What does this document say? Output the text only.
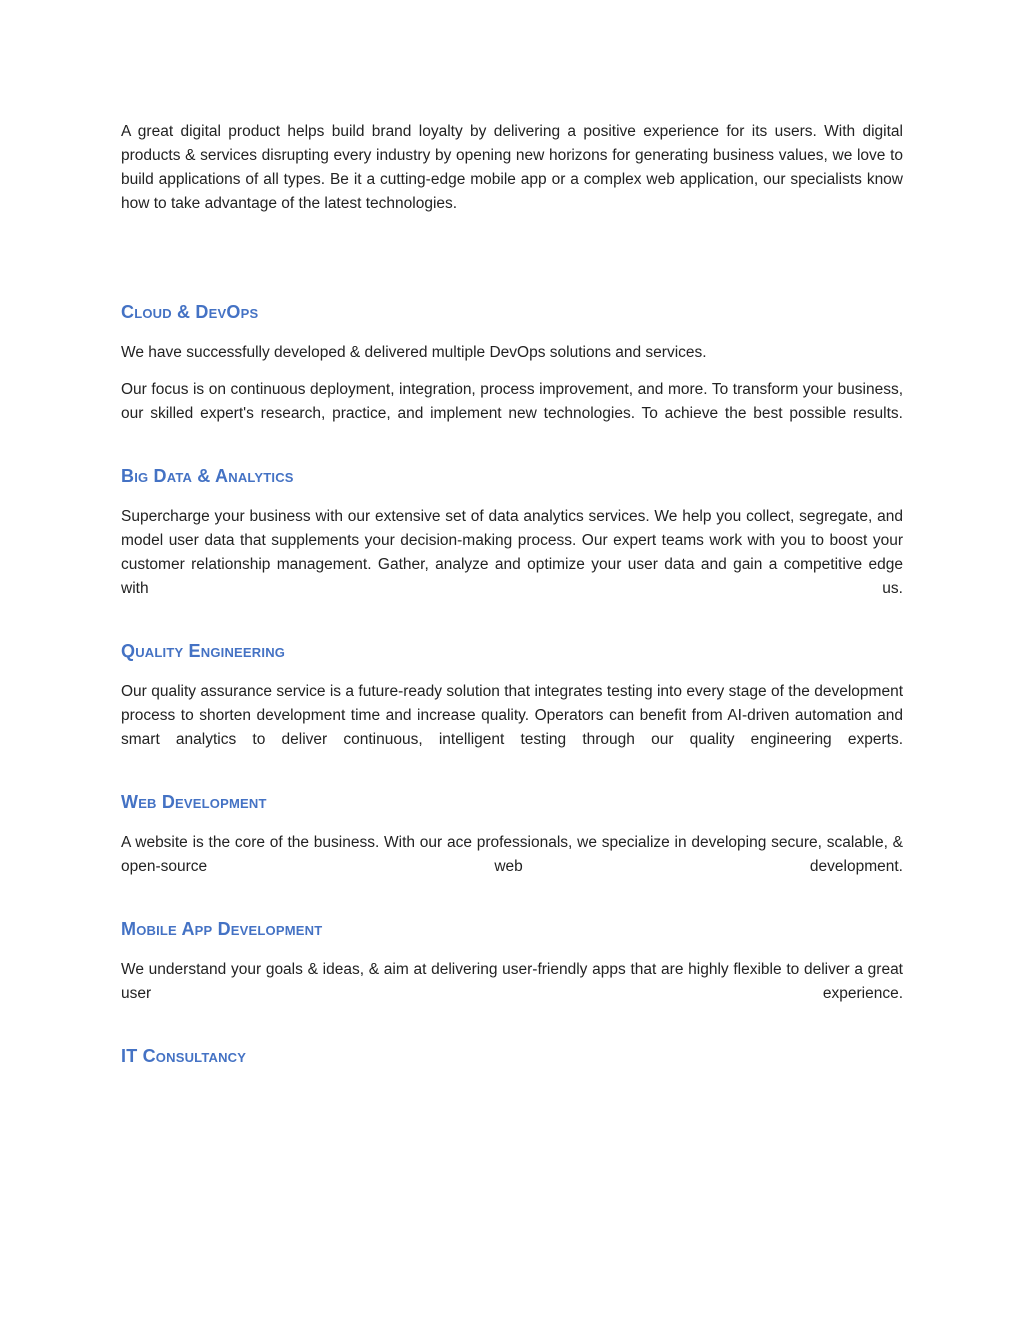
A great digital product helps build brand loyalty by delivering a positive experience for its users. With digital products & services disrupting every industry by opening new horizons for generating business values, we love to build applications of all types. Be it a cutting-edge mobile app or a complex web application, our specialists know how to take advantage of the latest technologies.

Cloud & DevOps

We have successfully developed & delivered multiple DevOps solutions and services.

Our focus is on continuous deployment, integration, process improvement, and more. To transform your business, our skilled expert's research, practice, and implement new technologies. To achieve the best possible results.

Big Data & Analytics

Supercharge your business with our extensive set of data analytics services. We help you collect, segregate, and model user data that supplements your decision-making process. Our expert teams work with you to boost your customer relationship management. Gather, analyze and optimize your user data and gain a competitive edge with us.

Quality Engineering

Our quality assurance service is a future-ready solution that integrates testing into every stage of the development process to shorten development time and increase quality. Operators can benefit from AI-driven automation and smart analytics to deliver continuous, intelligent testing through our quality engineering experts.

Web Development

A website is the core of the business. With our ace professionals, we specialize in developing secure, scalable, & open-source web development.

Mobile App Development

We understand your goals & ideas, & aim at delivering user-friendly apps that are highly flexible to deliver a great user experience.

IT Consultancy
